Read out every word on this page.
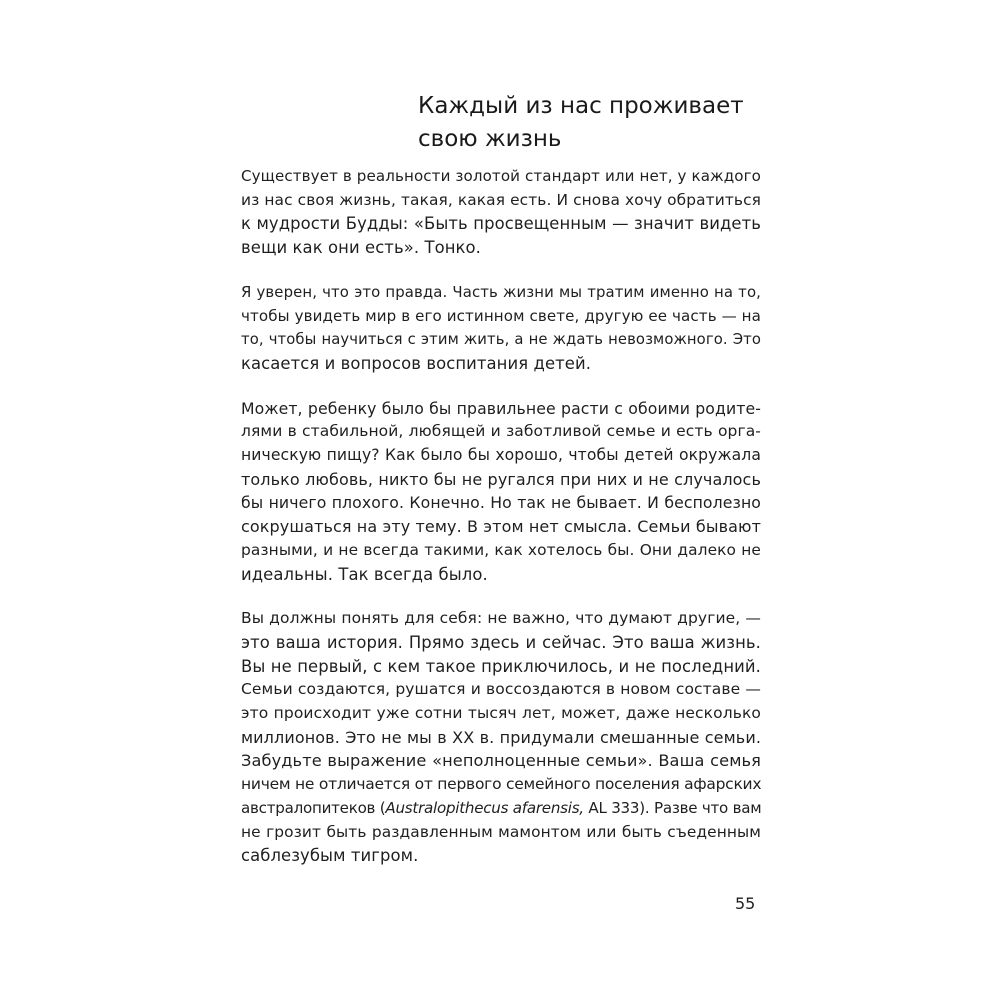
Каждый из нас проживает
свою жизнь

Существует в реальности золотой стандарт или нет, у каждого
из нас своя жизнь, такая, какая есть. И снова хочу обратиться
к мудрости Будды: «Быть просвещенным — значит видеть
вещи как они есть». Тонко.

Я уверен, что это правда. Часть жизни мы тратим именно на то,
чтобы увидеть мир в его истинном свете, другую ее часть — на
то, чтобы научиться с этим жить, а не ждать невозможного. Это
касается и вопросов воспитания детей.

Может, ребенку было бы правильнее расти с обоими родите-
лями в стабильной, любящей и заботливой семье и есть орга-
ническую пищу? Как было бы хорошо, чтобы детей окружала
только любовь, никто бы не ругался при них и не случалось
бы ничего плохого. Конечно. Но так не бывает. И бесполезно
сокрушаться на эту тему. В этом нет смысла. Семьи бывают
разными, и не всегда такими, как хотелось бы. Они далеко не
идеальны. Так всегда было.

Вы должны понять для себя: не важно, что думают другие, —
это ваша история. Прямо здесь и сейчас. Это ваша жизнь.
Вы не первый, с кем такое приключилось, и не последний.
Семьи создаются, рушатся и воссоздаются в новом составе —
это происходит уже сотни тысяч лет, может, даже несколько
миллионов. Это не мы в XX в. придумали смешанные семьи.
Забудьте выражение «неполноценные семьи». Ваша семья
ничем не отличается от первого семейного поселения афарских
австралопитеков (Australopithecus afarensis, AL 333). Разве что вам
не грозит быть раздавленным мамонтом или быть съеденным
саблезубым тигром.

55
